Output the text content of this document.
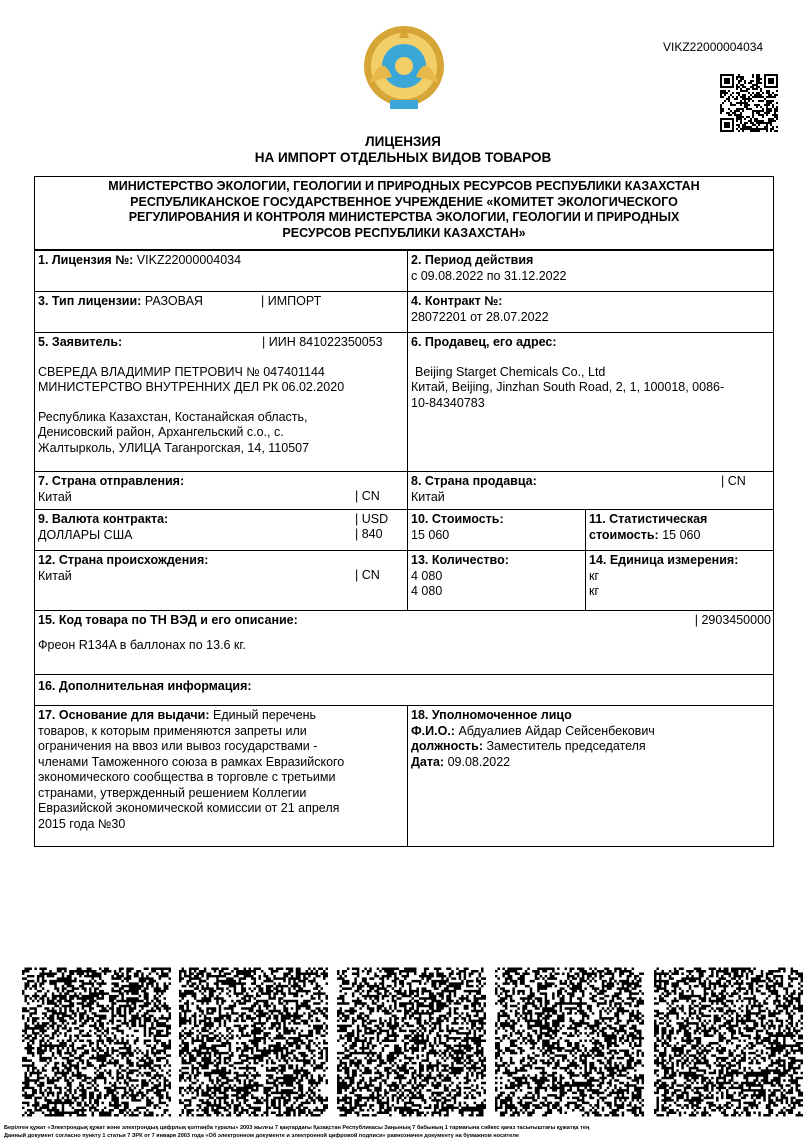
VIKZ22000004034
ЛИЦЕНЗИЯ
НА ИМПОРТ ОТДЕЛЬНЫХ ВИДОВ ТОВАРОВ
МИНИСТЕРСТВО ЭКОЛОГИИ, ГЕОЛОГИИ И ПРИРОДНЫХ РЕСУРСОВ РЕСПУБЛИКИ КАЗАХСТАН
РЕСПУБЛИКАНСКОЕ ГОСУДАРСТВЕННОЕ УЧРЕЖДЕНИЕ «КОМИТЕТ ЭКОЛОГИЧЕСКОГО
РЕГУЛИРОВАНИЯ И КОНТРОЛЯ МИНИСТЕРСТВА ЭКОЛОГИИ, ГЕОЛОГИИ И ПРИРОДНЫХ
РЕСУРСОВ РЕСПУБЛИКИ КАЗАХСТАН»
1. Лицензия №: VIKZ22000004034	2. Период действия
с 09.08.2022 по 31.12.2022
3. Тип лицензии: РАЗОВАЯ	| ИМПОРТ	4. Контракт №:
28072201 от 28.07.2022
5. Заявитель:	| ИИН 841022350053
СВЕРЕДА ВЛАДИМИР ПЕТРОВИЧ № 047401144
МИНИСТЕРСТВО ВНУТРЕННИХ ДЕЛ РК 06.02.2020
Республика Казахстан, Костанайская область,
Денисовский район, Архангельский с.о., с.
Жалтырколь, УЛИЦА Таганрогская, 14, 110507
6. Продавец, его адрес:
Beijing Starget Chemicals Co., Ltd
Китай, Beijing, Jinzhan South Road, 2, 1, 100018, 0086-
10-84340783
7. Страна отправления:
Китай	| CN
8. Страна продавца:
Китай
| CN
9. Валюта контракта:
ДОЛЛАРЫ США
| USD
| 840
10. Стоимость:
15 060
11. Статистическая
стоимость: 15 060
12. Страна происхождения:
Китай	| CN
13. Количество:
4 080
4 080
14. Единица измерения:
кг
кг
15. Код товара по ТН ВЭД и его описание:	| 2903450000
Фреон R134A в баллонах по 13.6 кг.
16. Дополнительная информация:
17. Основание для выдачи: Единый перечень
товаров, к которым применяются запреты или
ограничения на ввоз или вывоз государствами -
членами Таможенного союза в рамках Евразийского
экономического сообщества в торговле с третьими
странами, утвержденный решением Коллегии
Евразийской экономической комиссии от 21 апреля
2015 года №30
18. Уполномоченное лицо
Ф.И.О.: Абдуалиев Айдар Сейсенбекович
должность: Заместитель председателя
Дата: 09.08.2022
Берілген құжат «Электрондық құжат және электрондық цифрлық қолтаңба туралы» 2003 жылғы 7 қаңтардағы Қазақстан Республикасы Заңының 7 бабының 1 тармағына сәйкес қағаз тасығыштағы құжатқа тең
Данный документ согласно пункту 1 статьи 7 ЗРК от 7 января 2003 года «Об электронном документе и электронной цифровой подписи» равнозначен документу на бумажном носителе
